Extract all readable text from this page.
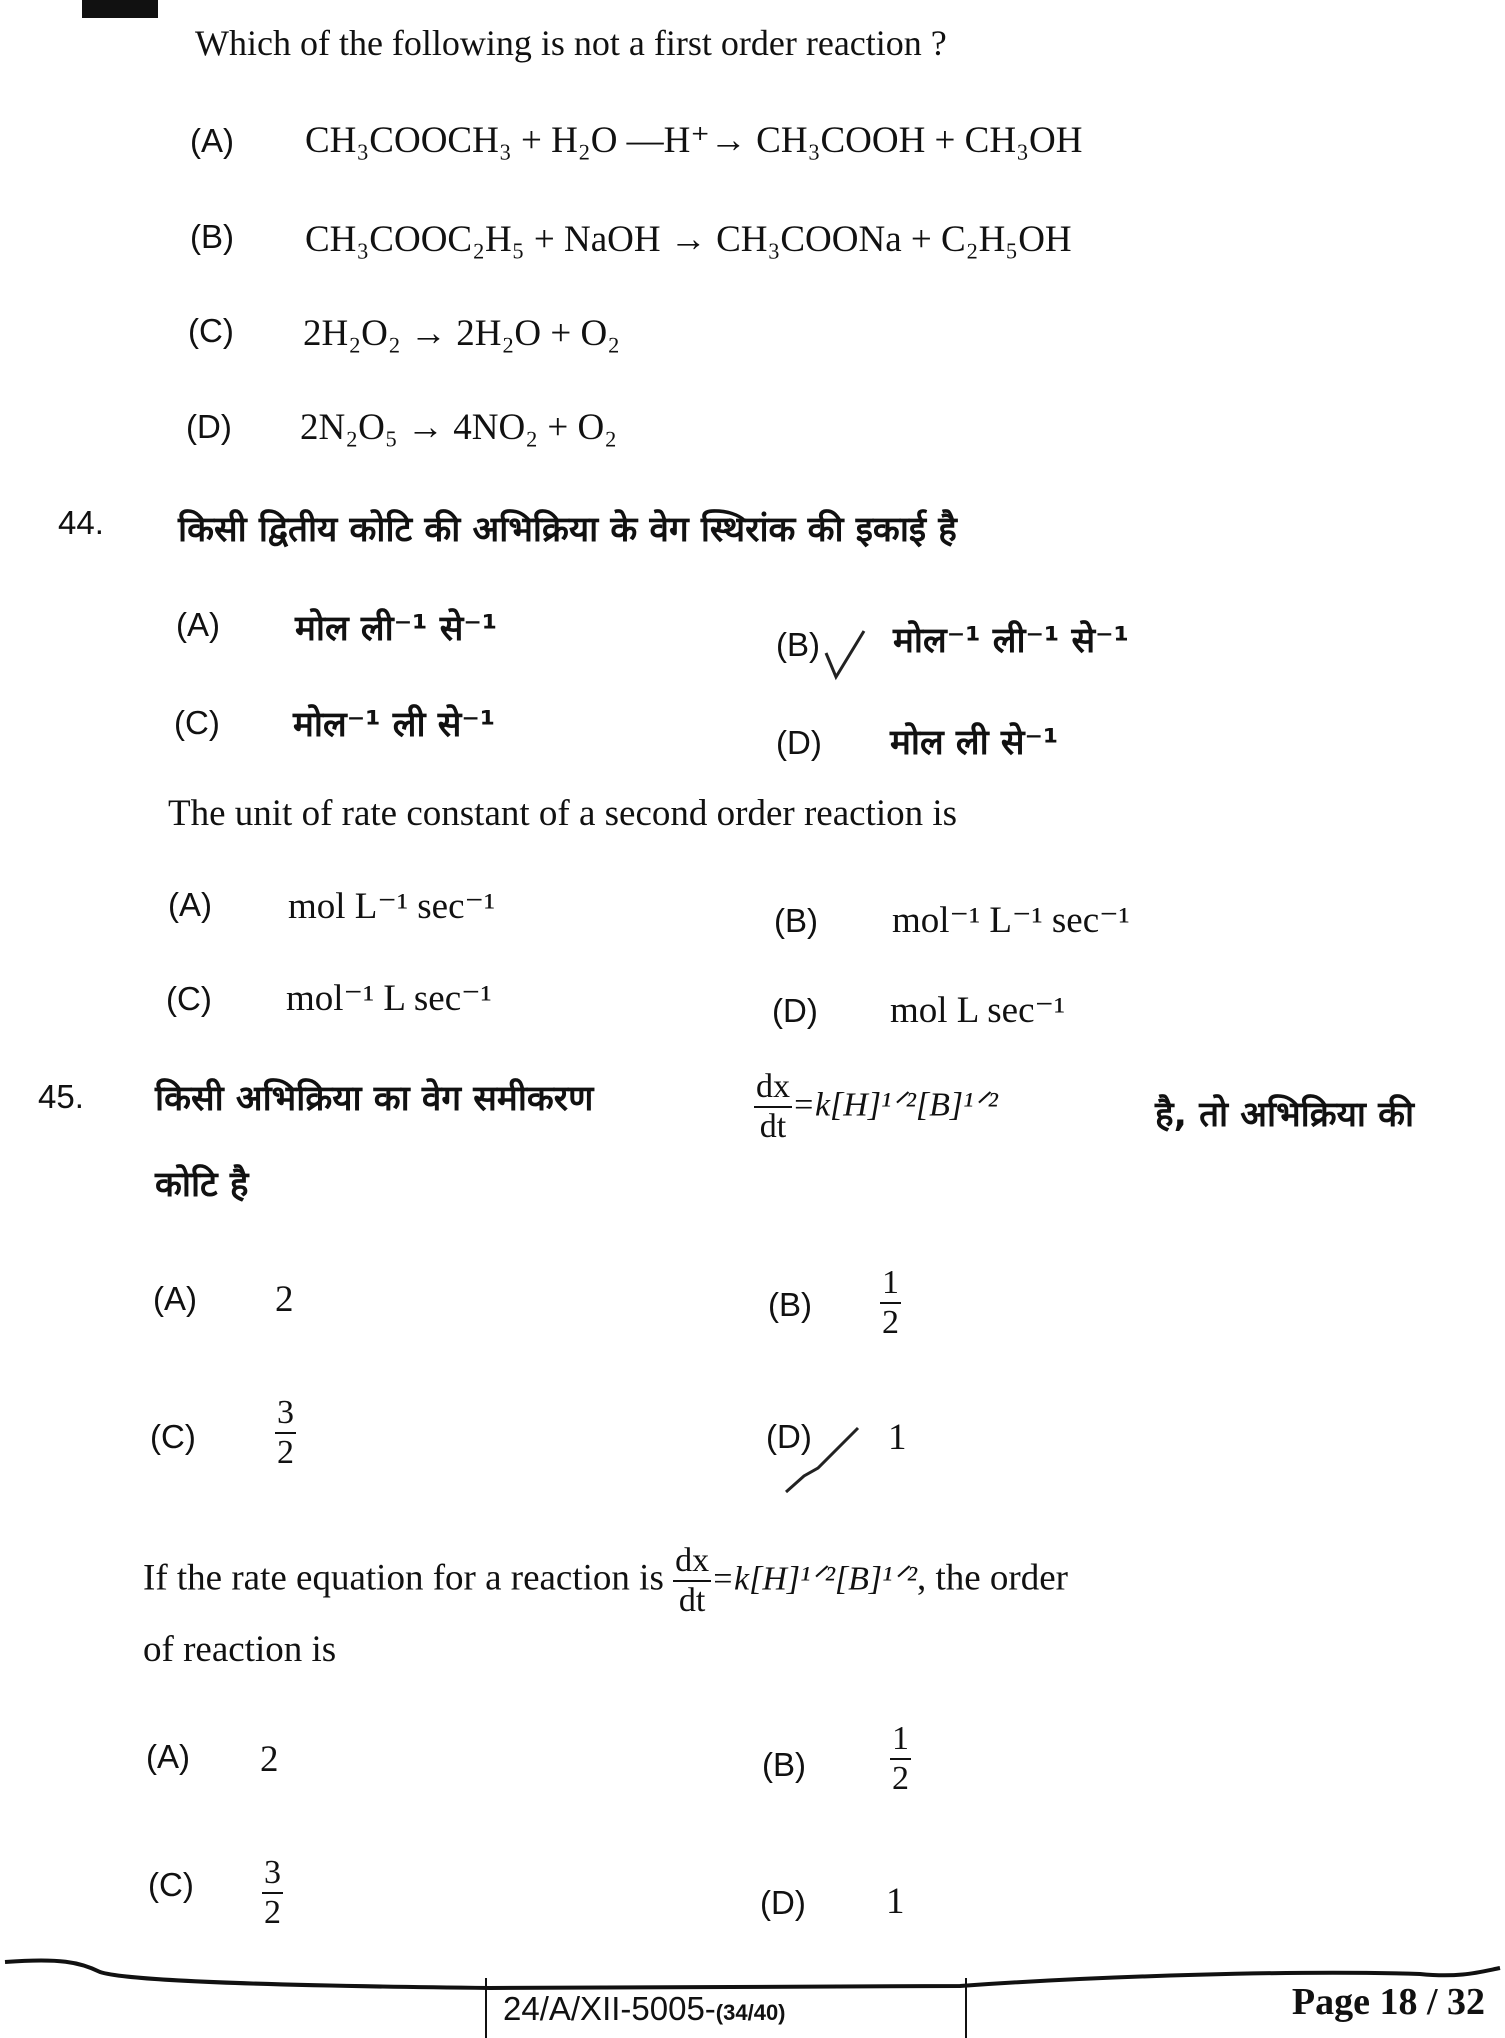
Which of the following is not a first order reaction ?
(A) CH₃COOCH₃ + H₂O —H⁺→ CH₃COOH + CH₃OH
(B) CH₃COOC₂H₅ + NaOH → CH₃COONa + C₂H₅OH
(C) 2H₂O₂ → 2H₂O + O₂
(D) 2N₂O₅ → 4NO₂ + O₂
44. किसी द्वितीय कोटि की अभिक्रिया के वेग स्थिरांक की इकाई है
(A) मोल ली⁻¹ से⁻¹	(B) मोल⁻¹ ली⁻¹ से⁻¹
(C) मोल⁻¹ ली से⁻¹	(D) मोल ली से⁻¹
The unit of rate constant of a second order reaction is
(A) mol L⁻¹ sec⁻¹	(B) mol⁻¹ L⁻¹ sec⁻¹
(C) mol⁻¹ L sec⁻¹	(D) mol L sec⁻¹
45. किसी अभिक्रिया का वेग समीकरण	$\frac{dx}{dt}$ =k[H]¹ᐟ²[B]¹ᐟ²	है, तो अभिक्रिया की
कोटि है
(A) 2	$(B) \frac{1}{2}$
$(C) \frac{3}{2}$	(D) 1
If the rate equation for a reaction is $\frac{dx}{dt}$ =k[H]¹ᐟ²[B]¹ᐟ², the order
of reaction is
(A) 2	$(B) \frac{1}{2}$
$(C) \frac{3}{2}$	(D) 1
24/A/XII-5005-(34/40)	Page 18 / 32
